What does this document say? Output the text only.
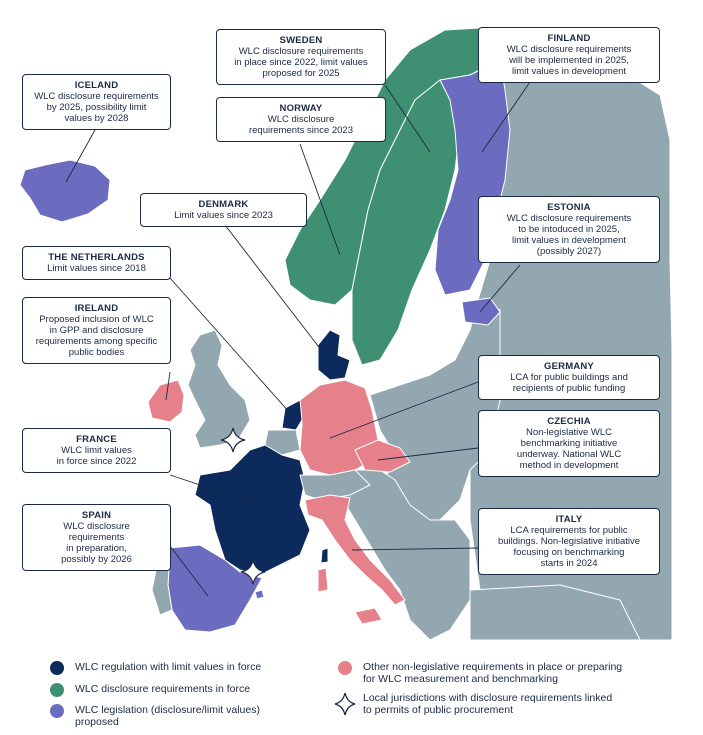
ICELAND
WLC disclosure requirements
by 2025, possibility limit
values by 2028
SWEDEN
WLC disclosure requirements
in place since 2022, limit values
proposed for 2025
FINLAND
WLC disclosure requirements
will be implemented in 2025,
limit values in development
NORWAY
WLC disclosure
requirements since 2023
DENMARK
Limit values since 2023
ESTONIA
WLC disclosure requirements
to be intoduced in 2025,
limit values in development
(possibly 2027)
THE NETHERLANDS
Limit values since 2018
IRELAND
Proposed inclusion of WLC
in GPP and disclosure
requirements among specific
public bodies
GERMANY
LCA for public buildings and
recipients of public funding
CZECHIA
Non-legislative WLC
benchmarking initiative
underway. National WLC
method in development
FRANCE
WLC limit values
in force since 2022
ITALY
LCA requirements for public
buildings. Non-legislative initiative
focusing on benchmarking
starts in 2024
SPAIN
WLC disclosure
requirements
in preparation,
possibly by 2026
WLC regulation with limit values in force
WLC disclosure requirements in force
WLC legislation (disclosure/limit values)
proposed
Other non-legislative requirements in place or preparing
for WLC measurement and benchmarking
Local jurisdictions with disclosure requirements linked
to permits of public procurement
